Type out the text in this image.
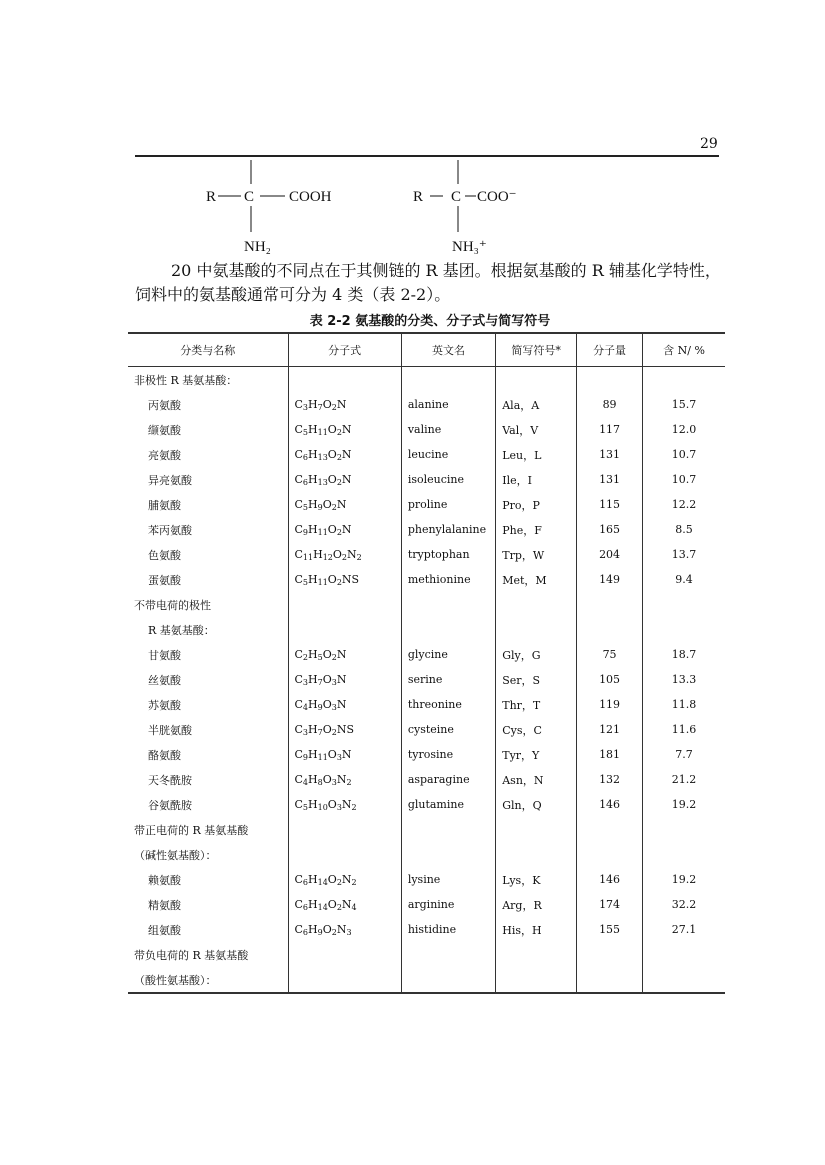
29
R C COOH
NH₂
R C COO⁻
NH₃⁺
20 中氨基酸的不同点在于其侧链的 R 基团。根据氨基酸的 R 辅基化学特性，饲料中的氨基酸通常可分为 4 类（表 2-2）。
表 2-2 氨基酸的分类、分子式与简写符号
分类与名称	分子式	英文名	简写符号*	分子量	含 N/ %
非极性 R 基氨基酸：					
丙氨酸	$C_3H_7O_2N$	alanine	Ala，A	89	15.7
缬氨酸	$C_5H_{11}O_2N$	valine	Val，V	117	12.0
亮氨酸	$C_6H_{13}O_2N$	leucine	Leu，L	131	10.7
异亮氨酸	$C_6H_{13}O_2N$	isoleucine	Ile，I	131	10.7
脯氨酸	$C_5H_9O_2N$	proline	Pro，P	115	12.2
苯丙氨酸	$C_9H_{11}O_2N$	phenylalanine	Phe，F	165	8.5
色氨酸	$C_{11}H_{12}O_2N_2$	tryptophan	Trp，W	204	13.7
蛋氨酸	$C_5H_{11}O_2NS$	methionine	Met，M	149	9.4
不带电荷的极性					
R 基氨基酸：					
甘氨酸	$C_2H_5O_2N$	glycine	Gly，G	75	18.7
丝氨酸	$C_3H_7O_3N$	serine	Ser，S	105	13.3
苏氨酸	$C_4H_9O_3N$	threonine	Thr，T	119	11.8
半胱氨酸	$C_3H_7O_2NS$	cysteine	Cys，C	121	11.6
酪氨酸	$C_9H_{11}O_3N$	tyrosine	Tyr，Y	181	7.7
天冬酰胺	$C_4H_8O_3N_2$	asparagine	Asn，N	132	21.2
谷氨酰胺	$C_5H_{10}O_3N_2$	glutamine	Gln，Q	146	19.2
带正电荷的 R 基氨基酸					
（碱性氨基酸）：					
赖氨酸	$C_6H_{14}O_2N_2$	lysine	Lys，K	146	19.2
精氨酸	$C_6H_{14}O_2N_4$	arginine	Arg，R	174	32.2
组氨酸	$C_6H_9O_2N_3$	histidine	His，H	155	27.1
带负电荷的 R 基氨基酸					
（酸性氨基酸）：					
